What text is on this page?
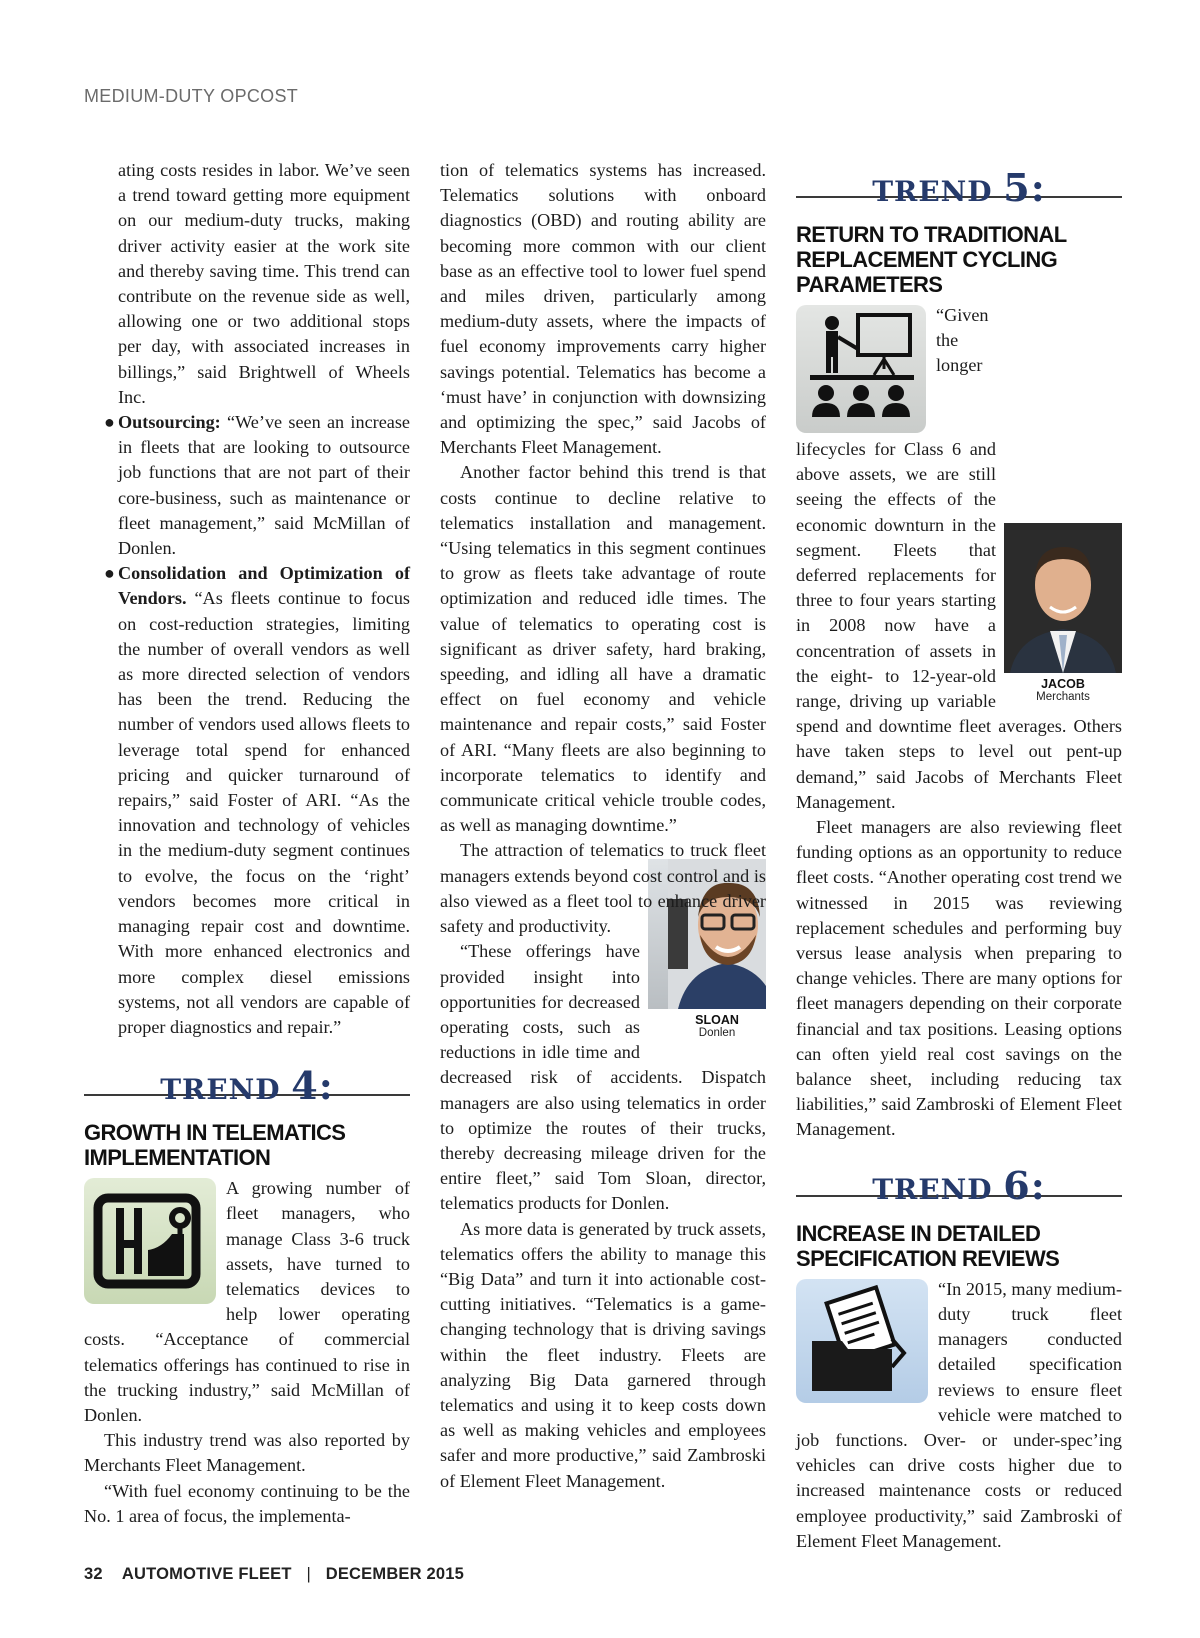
MEDIUM-DUTY OPCOST
ating costs resides in labor. We’ve seen a trend toward getting more equipment on our medium-duty trucks, making driver activity easier at the work site and thereby saving time. This trend can contribute on the revenue side as well, allowing one or two additional stops per day, with associated increases in billings,” said Brightwell of Wheels Inc.
● Outsourcing: “We’ve seen an increase in fleets that are looking to outsource job functions that are not part of their core-business, such as maintenance or fleet management,” said McMillan of Donlen.
● Consolidation and Optimization of Vendors. “As fleets continue to focus on cost-reduction strategies, limiting the number of overall vendors as well as more directed selection of vendors has been the trend. Reducing the number of vendors used allows fleets to leverage total spend for enhanced pricing and quicker turnaround of repairs,” said Foster of ARI. “As the innovation and technology of vehicles in the medium-duty segment continues to evolve, the focus on the ‘right’ vendors becomes more critical in managing repair cost and downtime. With more enhanced electronics and more complex diesel emissions systems, not all vendors are capable of proper diagnostics and repair.”
TREND 4:
GROWTH IN TELEMATICS IMPLEMENTATION

A growing number of fleet managers, who manage Class 3-6 truck assets, have turned to telematics devices to help lower operating costs. “Acceptance of commercial telematics offerings has continued to rise in the trucking industry,” said McMillan of Donlen.

This industry trend was also reported by Merchants Fleet Management.

“With fuel economy continuing to be the No. 1 area of focus, the implementa-

tion of telematics systems has increased. Telematics solutions with onboard diagnostics (OBD) and routing ability are becoming more common with our client base as an effective tool to lower fuel spend and miles driven, particularly among medium-duty assets, where the impacts of fuel economy improvements carry higher savings potential. Telematics has become a ‘must have’ in conjunction with downsizing and optimizing the spec,” said Jacobs of Merchants Fleet Management.

Another factor behind this trend is that costs continue to decline relative to telematics installation and management. “Using telematics in this segment continues to grow as fleets take advantage of route optimization and reduced idle times. The value of telematics to operating cost is significant as driver safety, hard braking, speeding, and idling all have a dramatic effect on fuel economy and vehicle maintenance and repair costs,” said Foster of ARI. “Many fleets are also beginning to incorporate telematics to identify and communicate critical vehicle trouble codes, as well as managing downtime.”

The attraction of telematics to truck fleet managers extends beyond cost control and is also viewed as a fleet tool to enhance driver safety and productivity.

SLOAN
Donlen
“These offerings have provided insight into opportunities for decreased operating costs, such as reductions in idle time and decreased risk of accidents. Dispatch managers are also using telematics in order to optimize the routes of their trucks, thereby decreasing mileage driven for the entire fleet,” said Tom Sloan, director, telematics products for Donlen.

As more data is generated by truck assets, telematics offers the ability to manage this “Big Data” and turn it into actionable cost-cutting initiatives. “Telematics is a game-changing technology that is driving savings within the fleet industry. Fleets are analyzing Big Data garnered through telematics and using it to keep costs down as well as making vehicles and employees safer and more productive,” said Zambroski of Element Fleet Management.

TREND 5:
RETURN TO TRADITIONAL REPLACEMENT CYCLING PARAMETERS

JACOB
Merchants
“Given the longer lifecycles for Class 6 and above assets, we are still seeing the effects of the economic downturn in the segment. Fleets that deferred replacements for three to four years starting in 2008 now have a concentration of assets in the eight- to 12-year-old range, driving up variable spend and downtime fleet averages. Others have taken steps to level out pent-up demand,” said Jacobs of Merchants Fleet Management.

Fleet managers are also reviewing fleet funding options as an opportunity to reduce fleet costs. “Another operating cost trend we witnessed in 2015 was reviewing replacement schedules and performing buy versus lease analysis when preparing to change vehicles. There are many options for fleet managers depending on their corporate financial and tax positions. Leasing options can often yield real cost savings on the balance sheet, including reducing tax liabilities,” said Zambroski of Element Fleet Management.

TREND 6:
INCREASE IN DETAILED SPECIFICATION REVIEWS

“In 2015, many medium-duty truck fleet managers conducted detailed specification reviews to ensure fleet vehicle were matched to job functions. Over- or under-spec’ing vehicles can drive costs higher due to increased maintenance costs or reduced employee productivity,” said Zambroski of Element Fleet Management.

32 AUTOMOTIVE FLEET | DECEMBER 2015
